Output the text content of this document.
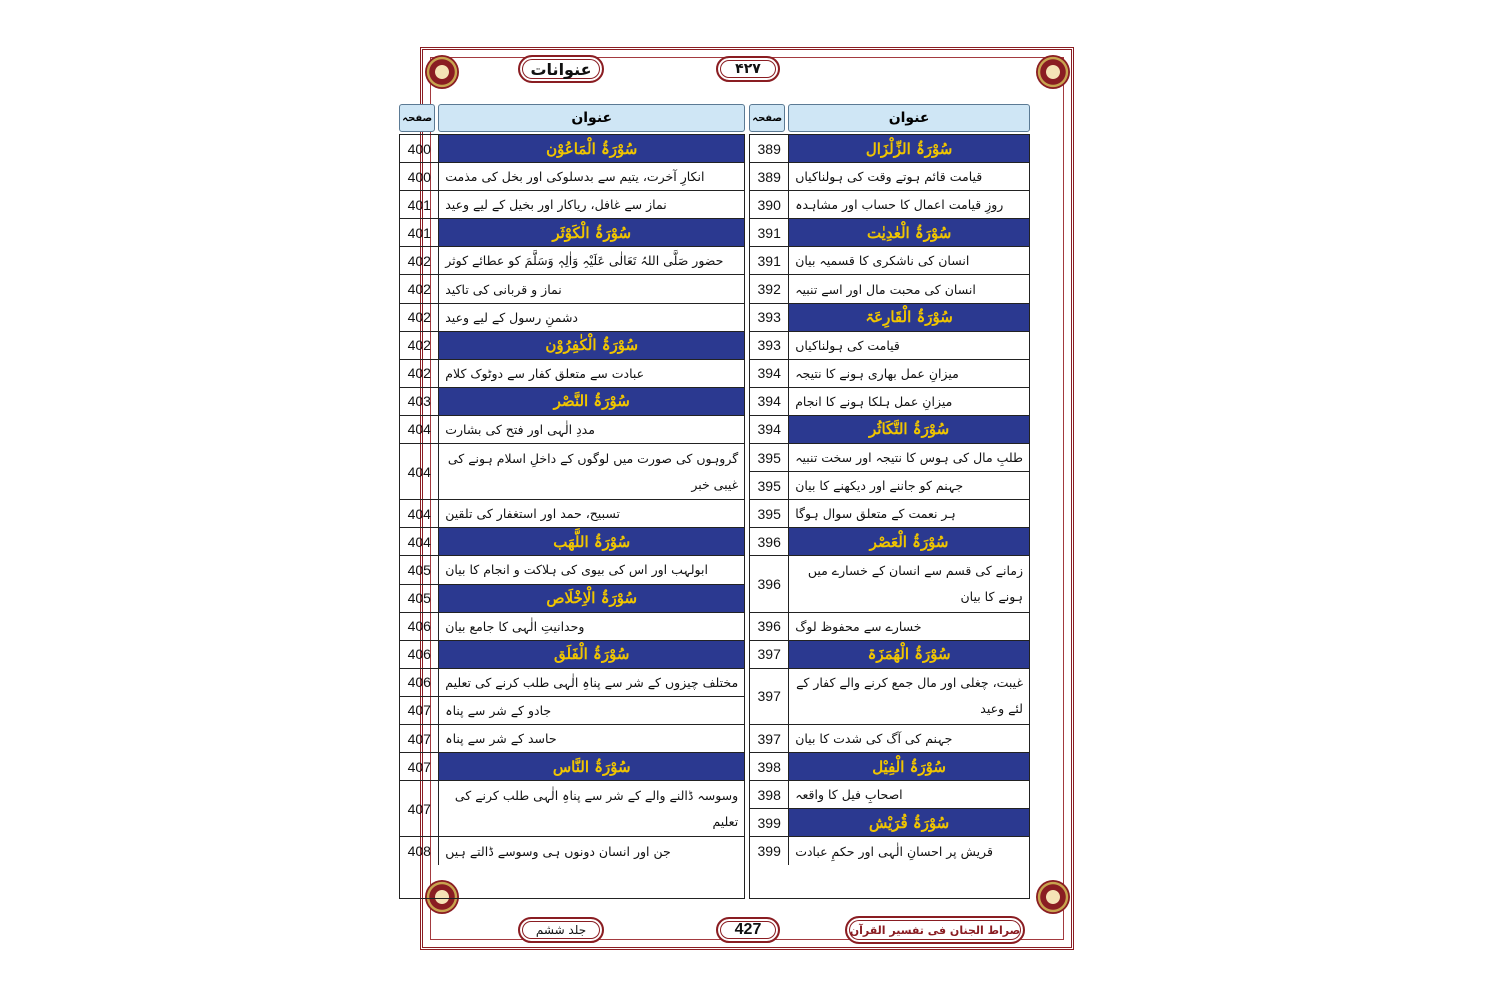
عنوانات	۴۲۷
عنوان
صفحہ
سُوْرَۃُ الزِّلْزَال
389
قیامت قائم ہوتے وقت کی ہولناکیاں
389
روزِ قیامت اعمال کا حساب اور مشاہدہ
390
سُوْرَۃُ الْعٰدِیٰت
391
انسان کی ناشکری کا قسمیہ بیان
391
انسان کی محبت مال اور اسے تنبیہ
392
سُوْرَۃُ الْقَارِعَۃ
393
قیامت کی ہولناکیاں
393
میزانِ عمل بھاری ہونے کا نتیجہ
394
میزانِ عمل ہلکا ہونے کا انجام
394
سُوْرَۃُ التَّکَاثُر
394
طلبِ مال کی ہوس کا نتیجہ اور سخت تنبیہ
395
جہنم کو جاننے اور دیکھنے کا بیان
395
ہر نعمت کے متعلق سوال ہوگا
395
سُوْرَۃُ الْعَصْر
396
زمانے کی قسم سے انسان کے خسارے میں ہونے کا بیان
396
خسارے سے محفوظ لوگ
396
سُوْرَۃُ الْھُمَزَۃ
397
غیبت، چغلی اور مال جمع کرنے والے کفار کے لئے وعید
397
جہنم کی آگ کی شدت کا بیان
397
سُوْرَۃُ الْفِیْل
398
اصحابِ فیل کا واقعہ
398
سُوْرَۃُ قُرَیْش
399
قریش پر احسانِ الٰہی اور حکمِ عبادت
399
عنوان
صفحہ
سُوْرَۃُ الْمَاعُوْن
400
انکارِ آخرت، یتیم سے بدسلوکی اور بخل کی مذمت
400
نماز سے غافل، ریاکار اور بخیل کے لیے وعید
401
سُوْرَۃُ الْکَوْثَر
401
حضور صَلَّی اللہُ تَعَالٰی عَلَیْہِ وَاٰلِہٖ وَسَلَّمَ کو عطائے کوثر
402
نماز و قربانی کی تاکید
402
دشمنِ رسول کے لیے وعید
402
سُوْرَۃُ الْکٰفِرُوْن
402
عبادت سے متعلق کفار سے دوٹوک کلام
402
سُوْرَۃُ النَّصْر
403
مددِ الٰہی اور فتح کی بشارت
404
گروہوں کی صورت میں لوگوں کے داخلِ اسلام ہونے کی غیبی خبر
404
تسبیح، حمد اور استغفار کی تلقین
404
سُوْرَۃُ اللَّھَب
404
ابولہب اور اس کی بیوی کی ہلاکت و انجام کا بیان
405
سُوْرَۃُ الْاِخْلَاص
405
وحدانیتِ الٰہی کا جامع بیان
406
سُوْرَۃُ الْفَلَق
406
مختلف چیزوں کے شر سے پناہِ الٰہی طلب کرنے کی تعلیم
406
جادو کے شر سے پناہ
407
حاسد کے شر سے پناہ
407
سُوْرَۃُ النَّاس
407
وسوسہ ڈالنے والے کے شر سے پناہِ الٰہی طلب کرنے کی تعلیم
407
جن اور انسان دونوں ہی وسوسے ڈالتے ہیں
408
صراط الجنان فی تفسیر القرآن
427
جلد ششم
